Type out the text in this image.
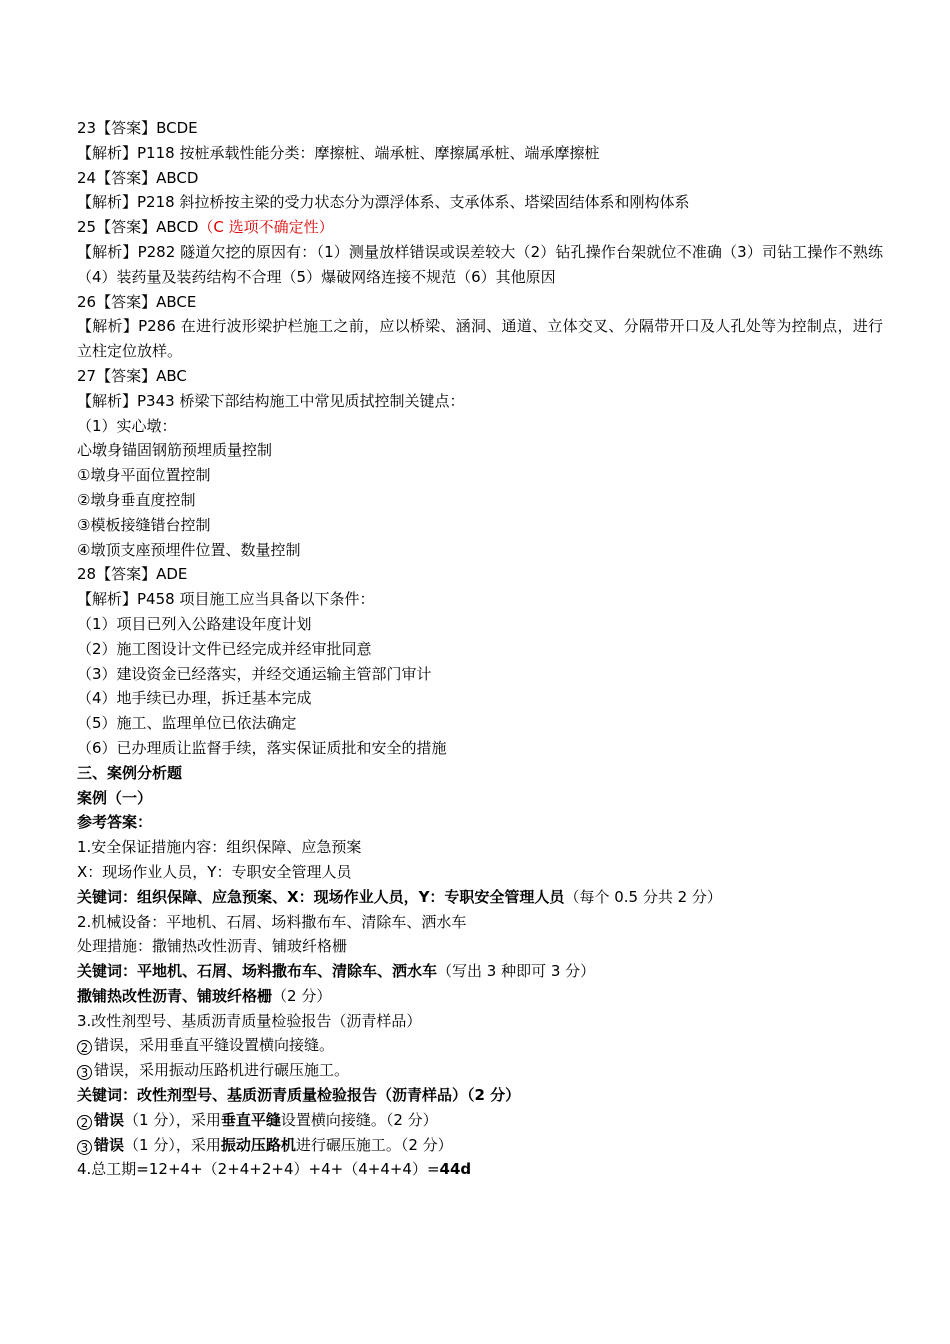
23【答案】BCDE
【解析】P118 按桩承载性能分类：摩擦桩、端承桩、摩擦属承桩、端承摩擦桩
24【答案】ABCD
【解析】P218 斜拉桥按主梁的受力状态分为漂浮体系、支承体系、塔梁固结体系和刚构体系
25【答案】ABCD（C 选项不确定性）
【解析】P282 隧道欠挖的原因有：（1）测量放样错误或误差较大（2）钻孔操作台架就位不准确（3）司钻工操作不熟练（4）装药量及装药结构不合理（5）爆破网络连接不规范（6）其他原因
26【答案】ABCE
【解析】P286 在进行波形梁护栏施工之前，应以桥梁、涵洞、通道、立体交叉、分隔带开口及人孔处等为控制点，进行立柱定位放样。
27【答案】ABC
【解析】P343 桥梁下部结构施工中常见质拭控制关键点：
（1）实心墩：
心墩身锚固钢筋预埋质量控制
①墩身平面位置控制
②墩身垂直度控制
③模板接缝错台控制
④墩顶支座预埋件位置、数量控制
28【答案】ADE
【解析】P458 项目施工应当具备以下条件：
（1）项目已列入公路建设年度计划
（2）施工图设计文件已经完成并经审批同意
（3）建设资金已经落实，并经交通运输主管部门审计
（4）地手续已办理，拆迁基本完成
（5）施工、监理单位已依法确定
（6）已办理质让监督手续，落实保证质批和安全的措施
三、案例分析题
案例（一）
参考答案：
1.安全保证措施内容：组织保障、应急预案
X：现场作业人员，Y：专职安全管理人员
关键词：组织保障、应急预案、X：现场作业人员，Y：专职安全管理人员（每个 0.5 分共 2 分）
2.机械设备：平地机、石屑、场料撒布车、清除车、洒水车
处理措施：撒铺热改性沥青、铺玻纤格栅
关键词：平地机、石屑、场料撒布车、清除车、洒水车（写出 3 种即可 3 分）
撒铺热改性沥青、铺玻纤格栅（2 分）
3.改性剂型号、基质沥青质量检验报告（沥青样品）
2 错误，采用垂直平缝设置横向接缝。
3 错误，采用振动压路机进行碾压施工。
关键词：改性剂型号、基质沥青质量检验报告（沥青样品）（2 分）
2 错误（1 分），采用垂直平缝设置横向接缝。（2 分）
3 错误（1 分），采用振动压路机进行碾压施工。（2 分）
4.总工期=12+4+（2+4+2+4）+4+（4+4+4）=44d
